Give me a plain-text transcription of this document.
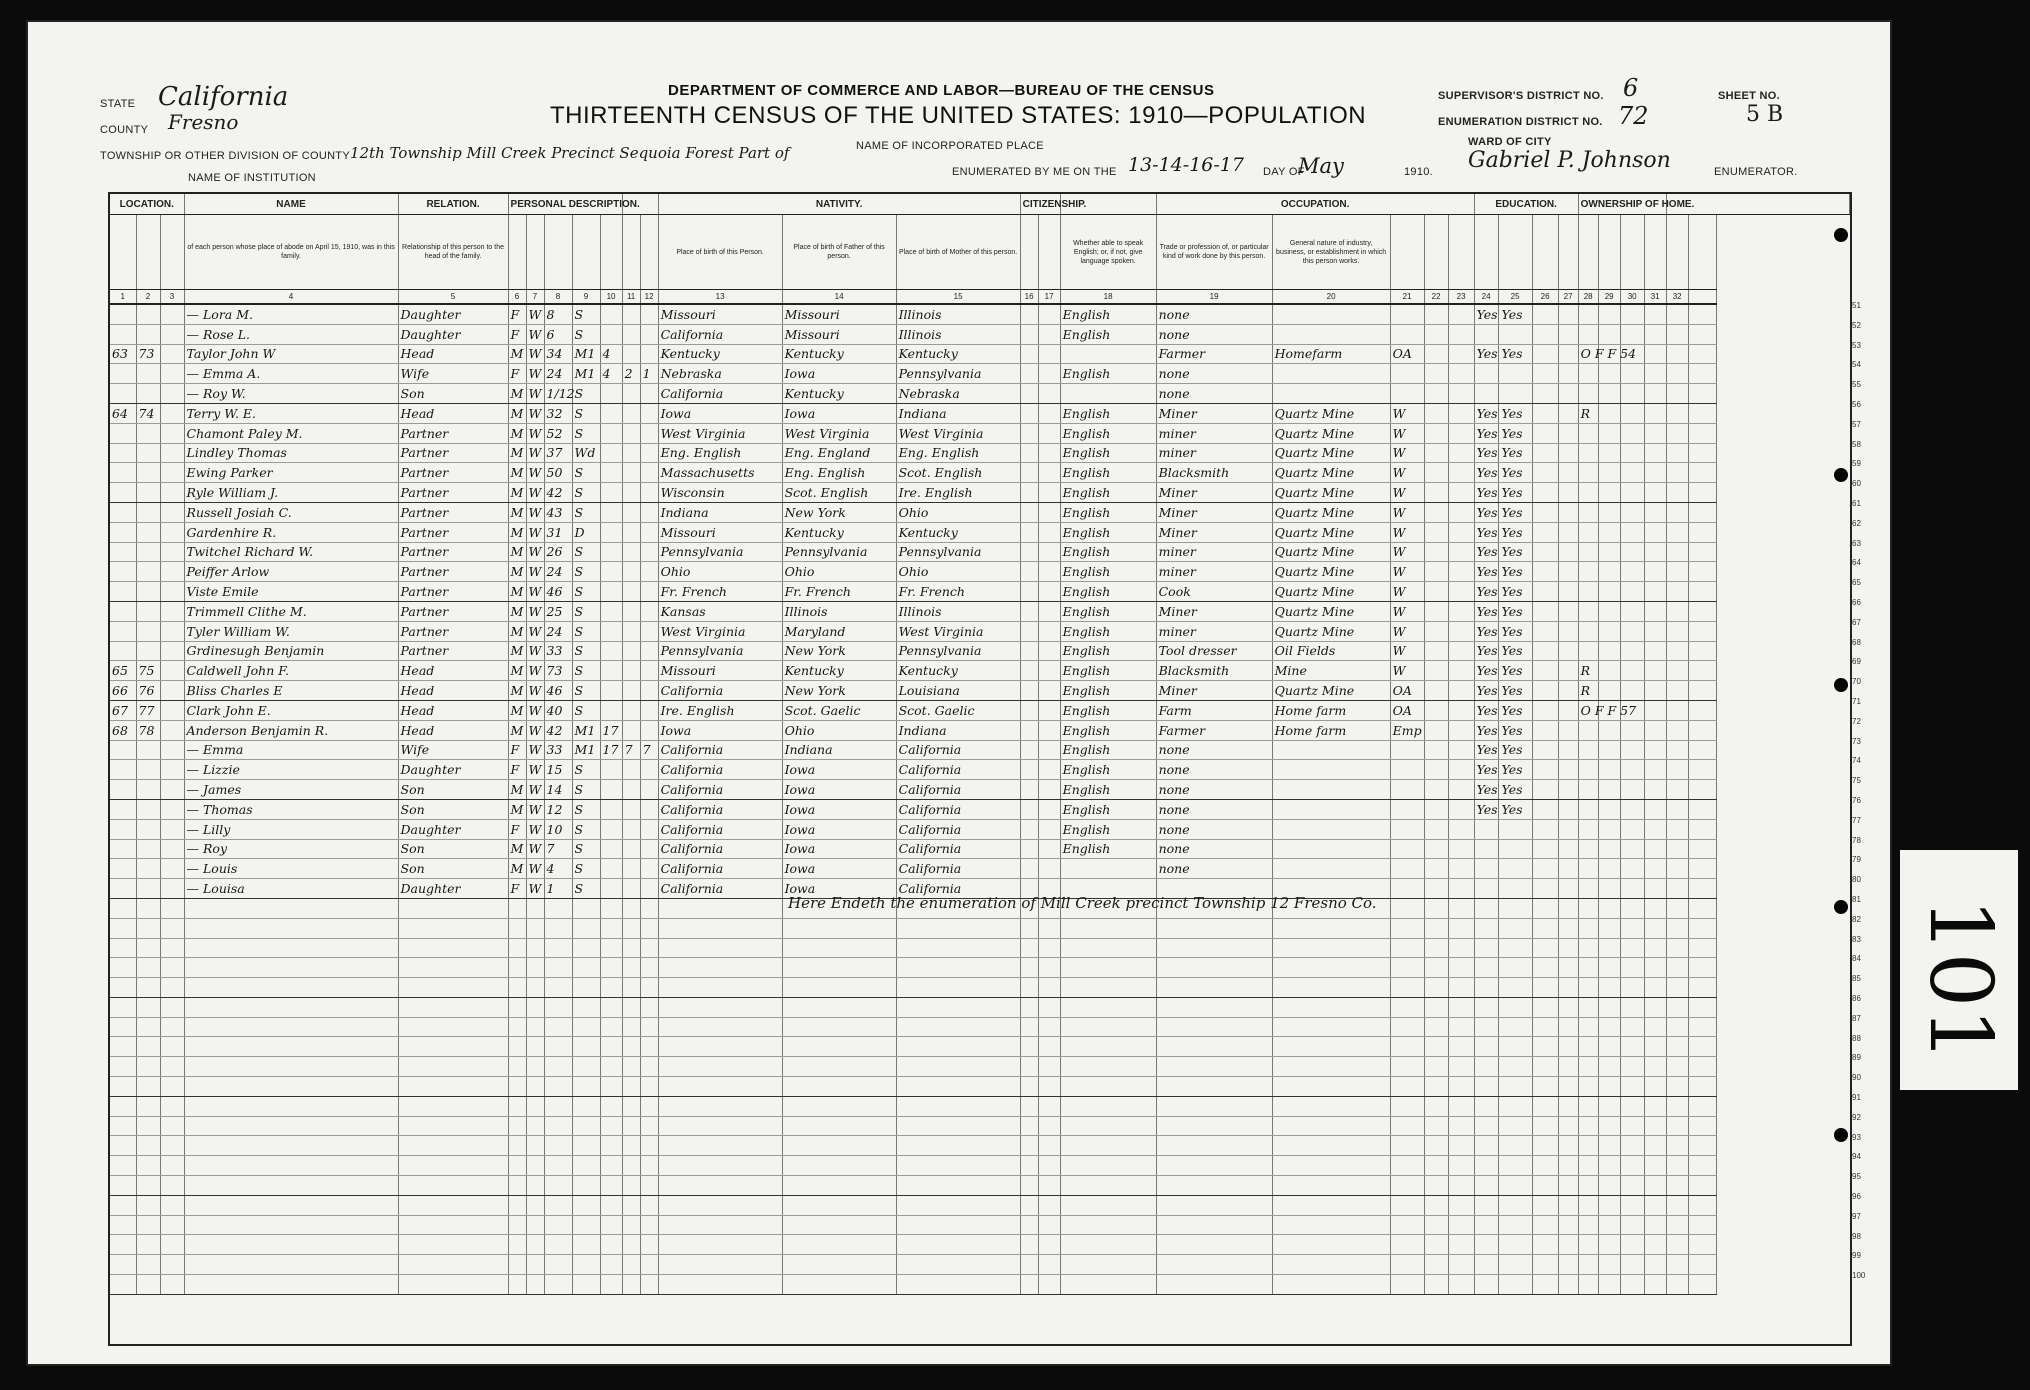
STATE California
COUNTY Fresno
TOWNSHIP OR OTHER DIVISION OF COUNTY 12th Township Mill Creek Precinct Sequoia Forest Part of
NAME OF INSTITUTION
DEPARTMENT OF COMMERCE AND LABOR—BUREAU OF THE CENSUS
THIRTEENTH CENSUS OF THE UNITED STATES: 1910—POPULATION
NAME OF INCORPORATED PLACE
ENUMERATED BY ME ON THE 13-14-16-17 DAY OF
May	1910. Gabriel P. Johnson	ENUMERATOR.
SUPERVISOR'S DISTRICT NO. 6
ENUMERATION DISTRICT NO. 72
SHEET NO.
5 B
WARD OF CITY
LOCATION.			NAME	RELATION.	PERSONAL DESCRIPTION.							NATIVITY.			CITIZENSHIP.			OCCUPATION.					EDUCATION.				OWNERSHIP OF HOME.					
			of each person whose place of abode on April 15, 1910, was in this family.	Relationship of this person to the head of the family.								Place of birth of this Person.	Place of birth of Father of this person.	Place of birth of Mother of this person.			Whether able to speak English; or, if not, give language spoken.	Trade or profession of, or particular kind of work done by this person.	General nature of industry, business, or establishment in which this person works.													
1	2	3	4	5	6	7	8	9	10	11	12	13	14	15	16	17	18	19	20	21	22	23	24	25	26	27	28	29	30	31	32	
			— Lora M.	Daughter	F	W	8	S				Missouri	Missouri	Illinois			English	none					Yes Yes									
			— Rose L.	Daughter	F	W	6	S				California	Missouri	Illinois			English	none														
63	73		Taylor John W	Head	M	W	34	M1	4			Kentucky	Kentucky	Kentucky				Farmer	Homefarm	OA			Yes Yes				O F F 54					
			— Emma A.	Wife	F	W	24	M1	4	2	1	Nebraska	Iowa	Pennsylvania			English	none														
			— Roy W.	Son	M	W	1/12	S				California	Kentucky	Nebraska				none														
64	74		Terry W. E.	Head	M	W	32	S				Iowa	Iowa	Indiana			English	Miner	Quartz Mine	W			Yes Yes				R					
			Chamont Paley M.	Partner	M	W	52	S				West Virginia	West Virginia	West Virginia			English	miner	Quartz Mine	W			Yes Yes									
			Lindley Thomas	Partner	M	W	37	Wd				Eng. English	Eng. England	Eng. English			English	miner	Quartz Mine	W			Yes Yes									
			Ewing Parker	Partner	M	W	50	S				Massachusetts	Eng. English	Scot. English			English	Blacksmith	Quartz Mine	W			Yes Yes									
			Ryle William J.	Partner	M	W	42	S				Wisconsin	Scot. English	Ire. English			English	Miner	Quartz Mine	W			Yes Yes									
			Russell Josiah C.	Partner	M	W	43	S				Indiana	New York	Ohio			English	Miner	Quartz Mine	W			Yes Yes									
			Gardenhire R.	Partner	M	W	31	D				Missouri	Kentucky	Kentucky			English	Miner	Quartz Mine	W			Yes Yes									
			Twitchel Richard W.	Partner	M	W	26	S				Pennsylvania	Pennsylvania	Pennsylvania			English	miner	Quartz Mine	W			Yes Yes									
			Peiffer Arlow	Partner	M	W	24	S				Ohio	Ohio	Ohio			English	miner	Quartz Mine	W			Yes Yes									
			Viste Emile	Partner	M	W	46	S				Fr. French	Fr. French	Fr. French			English	Cook	Quartz Mine	W			Yes Yes									
			Trimmell Clithe M.	Partner	M	W	25	S				Kansas	Illinois	Illinois			English	Miner	Quartz Mine	W			Yes Yes									
			Tyler William W.	Partner	M	W	24	S				West Virginia	Maryland	West Virginia			English	miner	Quartz Mine	W			Yes Yes									
			Grdinesugh Benjamin	Partner	M	W	33	S				Pennsylvania	New York	Pennsylvania			English	Tool dresser	Oil Fields	W			Yes Yes									
65	75		Caldwell John F.	Head	M	W	73	S				Missouri	Kentucky	Kentucky			English	Blacksmith	Mine	W			Yes Yes				R					
66	76		Bliss Charles E	Head	M	W	46	S				California	New York	Louisiana			English	Miner	Quartz Mine	OA			Yes Yes				R					
67	77		Clark John E.	Head	M	W	40	S				Ire. English	Scot. Gaelic	Scot. Gaelic			English	Farm	Home farm	OA			Yes Yes				O F F 57					
68	78		Anderson Benjamin R.	Head	M	W	42	M1	17			Iowa	Ohio	Indiana			English	Farmer	Home farm	Emp			Yes Yes									
			— Emma	Wife	F	W	33	M1	17	7	7	California	Indiana	California			English	none					Yes Yes									
			— Lizzie	Daughter	F	W	15	S				California	Iowa	California			English	none					Yes Yes									
			— James	Son	M	W	14	S				California	Iowa	California			English	none					Yes Yes									
			— Thomas	Son	M	W	12	S				California	Iowa	California			English	none					Yes Yes									
			— Lilly	Daughter	F	W	10	S				California	Iowa	California			English	none														
			— Roy	Son	M	W	7	S				California	Iowa	California			English	none														
			— Louis	Son	M	W	4	S				California	Iowa	California				none														
			— Louisa	Daughter	F	W	1	S				California	Iowa	California																		

Here Endeth the enumeration of Mill Creek precinct Township 12 Fresno Co.
51
52
53
54
55
56
57
58
59
60
61
62
63
64
65
66
67
68
69
70
71
72
73
74
75
76
77
78
79
80
81
82
83
84
85
86
87
88
89
90
91
92
93
94
95
96
97
98
99
100
101
